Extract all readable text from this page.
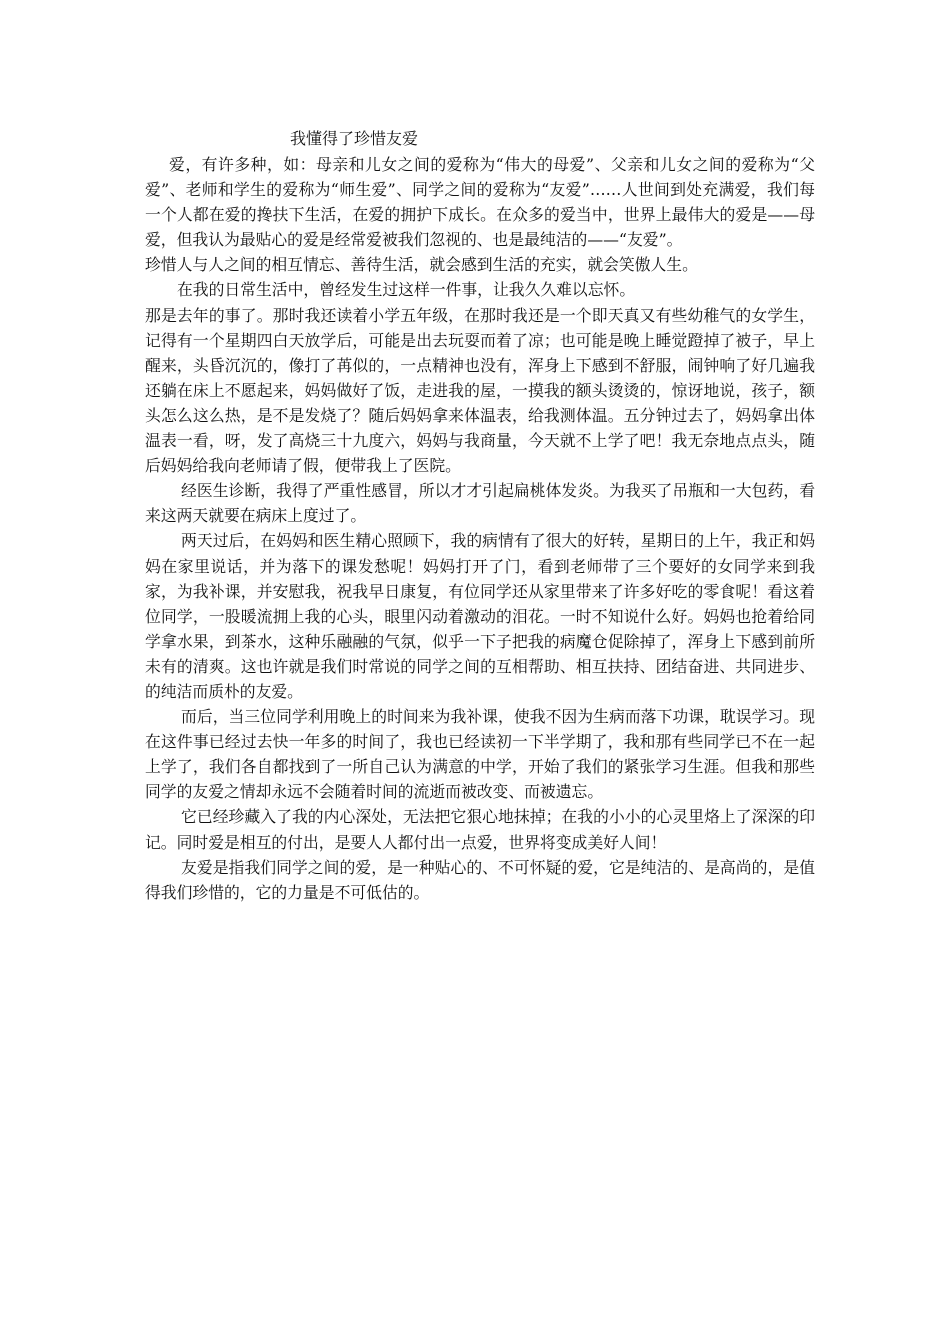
我懂得了珍惜友爱

爱，有许多种，如：母亲和儿女之间的爱称为“伟大的母爱”、父亲和儿女之间的爱称为“父爱”、老师和学生的爱称为“师生爱”、同学之间的爱称为“友爱”……人世间到处充满爱，我们每一个人都在爱的搀扶下生活，在爱的拥护下成长。在众多的爱当中，世界上最伟大的爱是——母爱，但我认为最贴心的爱是经常爱被我们忽视的、也是最纯洁的——“友爱”。

珍惜人与人之间的相互情忘、善待生活，就会感到生活的充实，就会笑傲人生。

在我的日常生活中，曾经发生过这样一件事，让我久久难以忘怀。

那是去年的事了。那时我还读着小学五年级，在那时我还是一个即天真又有些幼稚气的女学生，记得有一个星期四白天放学后，可能是出去玩耍而着了凉；也可能是晚上睡觉蹬掉了被子，早上醒来，头昏沉沉的，像打了苒似的，一点精神也没有，浑身上下感到不舒服，闹钟响了好几遍我还躺在床上不愿起来，妈妈做好了饭，走进我的屋，一摸我的额头烫烫的，惊讶地说，孩子，额头怎么这么热，是不是发烧了？随后妈妈拿来体温表，给我测体温。五分钟过去了，妈妈拿出体温表一看，呀，发了高烧三十九度六，妈妈与我商量，今天就不上学了吧！我无奈地点点头，随后妈妈给我向老师请了假，便带我上了医院。

经医生诊断，我得了严重性感冒，所以才才引起扁桃体发炎。为我买了吊瓶和一大包药，看来这两天就要在病床上度过了。

两天过后，在妈妈和医生精心照顾下，我的病情有了很大的好转，星期日的上午，我正和妈妈在家里说话，并为落下的课发愁呢！妈妈打开了门，看到老师带了三个要好的女同学来到我家，为我补课，并安慰我，祝我早日康复，有位同学还从家里带来了许多好吃的零食呢！看这着位同学，一股暖流拥上我的心头，眼里闪动着激动的泪花。一时不知说什么好。妈妈也抢着给同学拿水果，到茶水，这种乐融融的气氛，似乎一下子把我的病魔仓促除掉了，浑身上下感到前所未有的清爽。这也许就是我们时常说的同学之间的互相帮助、相互扶持、团结奋进、共同进步、的纯洁而质朴的友爱。

而后，当三位同学利用晚上的时间来为我补课，使我不因为生病而落下功课，耽误学习。现在这件事已经过去快一年多的时间了，我也已经读初一下半学期了，我和那有些同学已不在一起上学了，我们各自都找到了一所自己认为满意的中学，开始了我们的紧张学习生涯。但我和那些同学的友爱之情却永远不会随着时间的流逝而被改变、而被遗忘。

它已经珍藏入了我的内心深处，无法把它狠心地抹掉；在我的小小的心灵里烙上了深深的印记。同时爱是相互的付出，是要人人都付出一点爱，世界将变成美好人间！

友爱是指我们同学之间的爱，是一种贴心的、不可怀疑的爱，它是纯洁的、是高尚的，是值得我们珍惜的，它的力量是不可低估的。
